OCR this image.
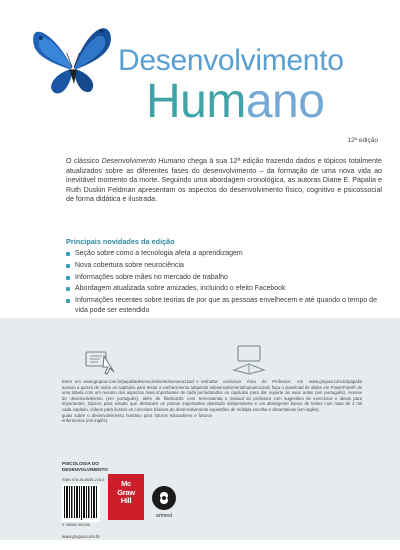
Desenvolvimento
Humano
12ª edição

O clássico Desenvolvimento Humano chega à sua 12ª edição trazendo dados e tópicos totalmente atualizados sobre as diferentes fases do desenvolvimento – da formação de uma nova vida ao inevitável momento da morte. Seguindo uma abordagem cronológica, as autoras Diane E. Papalia e Ruth Duskin Feldman apresentam os aspectos do desenvolvimento físico, cognitivo e psicossocial de forma didática e ilustrada.

Principais novidades da edição
Seção sobre como a tecnologia afeta a aprendizagem
Nova cobertura sobre neurociência
Informações sobre mães no mercado de trabalho
Abordagem atualizada sobre amizades, incluindo o efeito Facebook
Informações recentes sobre teorias de por que as pessoas envelhecem e até quando o tempo de vida pode ser estendido

Entre em www.grupoa.com.br/papaliadesenvolvimentohumano12ed e tenha acesso a quizes de todos os capítulos para testar o conhecimento adquirido e uma tabela com um resumo dos aspectos mais importantes de cada período do desenvolvimento (em português), além de flashcards com termos importantes, tópicos para estudo que destacam os pontos importantes de cada capítulo, vídeos para ilustrar os conceitos básicos do desenvolvimento e guias sobre o desenvolvimento humano para futuros educadores e futuros enfermeiros (em inglês).

Na exclusiva Área do Professor, em www.grupoa.com.br/papalia desenvolvimentohumano12ed, faça o download de slides em PowerPoint® de todos os capítulos para dar suporte às suas aulas (em português). Acesse ainda o manual do professor com sugestões de exercícios e ideias para estudo independente e um abrangente banco de testes com mais de 2 mil questões de múltipla escolha e dissertativas (em inglês).

PSICOLOGIA DO
DESENVOLVIMENTO
ISBN 978-85-8055-216-6
9 788580 552166
www.grupoa.com.br
Mc
Graw
Hill
artmed
